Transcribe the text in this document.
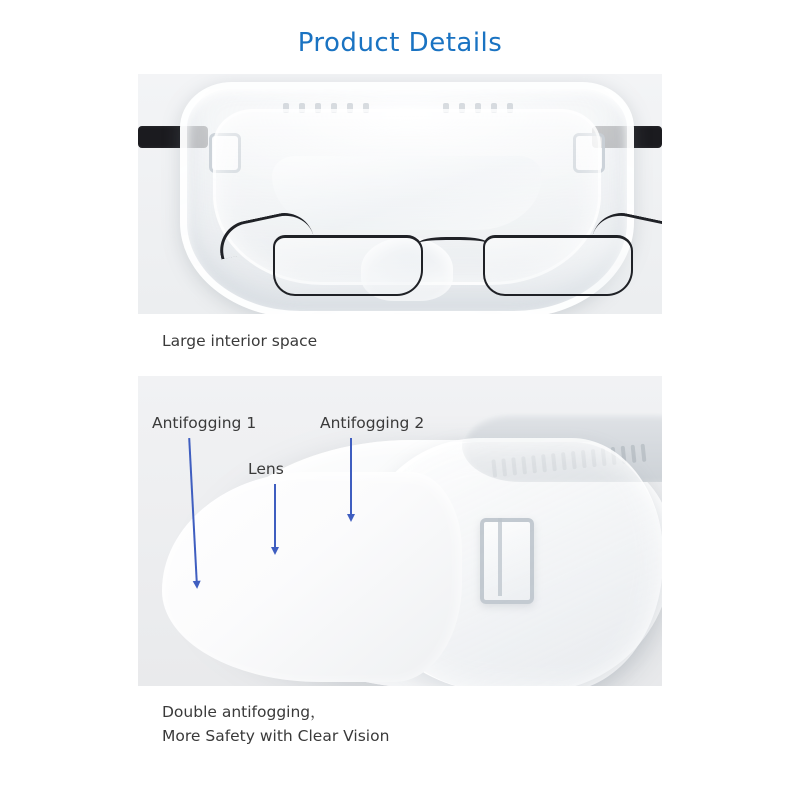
Product Details
Large interior space
Antifogging 1	Antifogging 2
Lens
Double antifogging，
More Safety with Clear Vision
